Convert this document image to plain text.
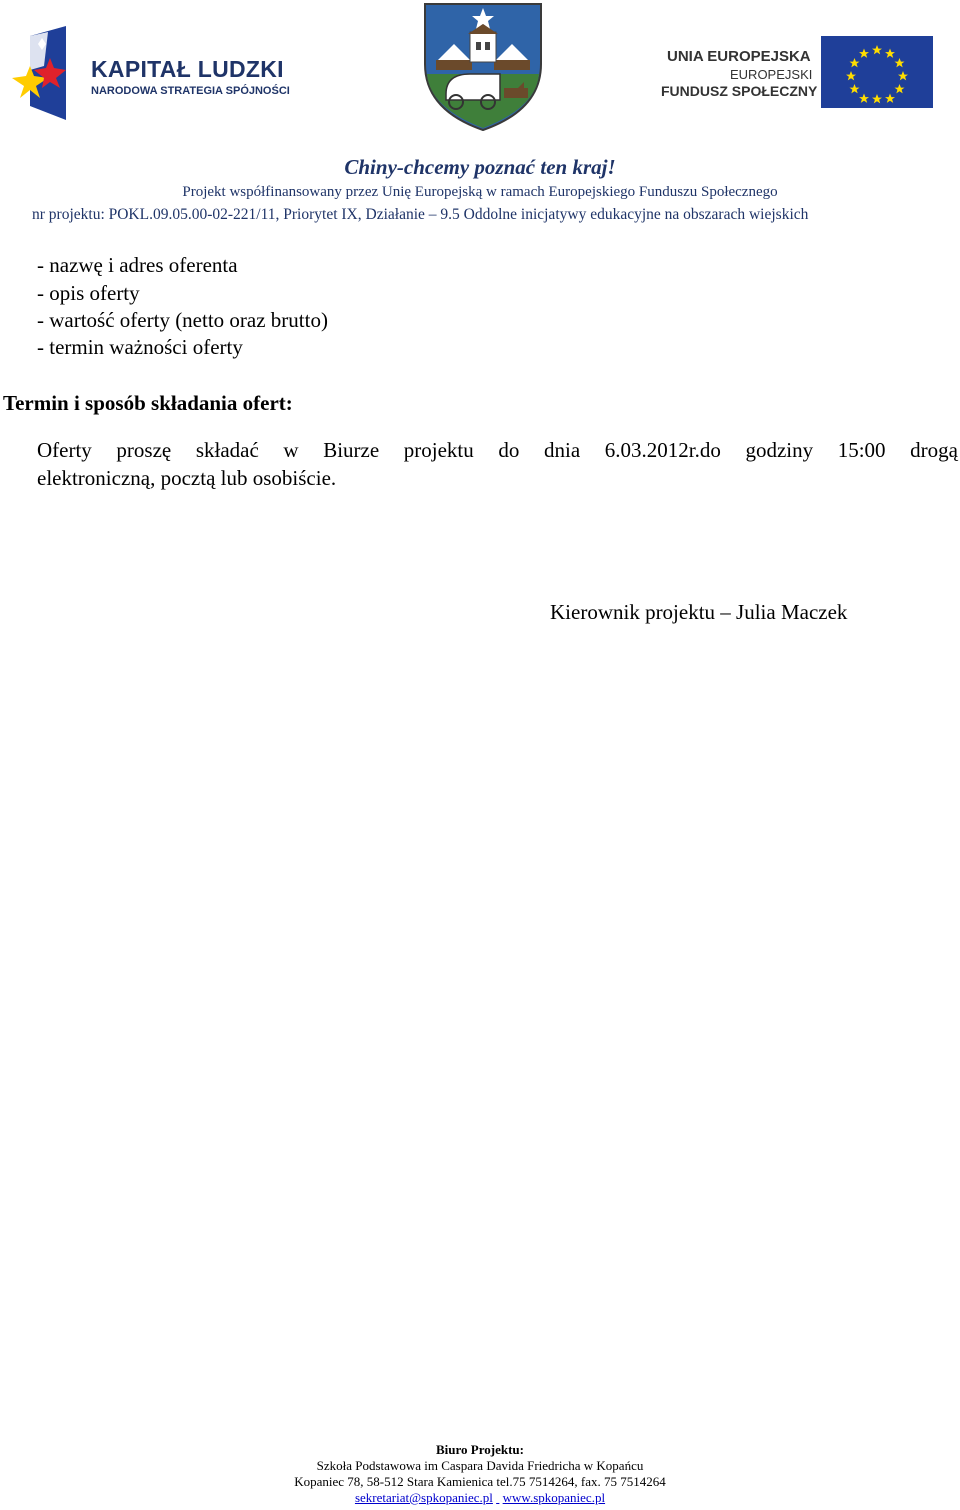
KAPITAŁ LUDZKI
NARODOWA STRATEGIA SPÓJNOŚCI
UNIA EUROPEJSKA
EUROPEJSKI
FUNDUSZ SPOŁECZNY
Chiny-chcemy poznać ten kraj!
Projekt współfinansowany przez Unię Europejską w ramach Europejskiego Funduszu Społecznego
nr projektu: POKL.09.05.00-02-221/11, Priorytet IX, Działanie – 9.5 Oddolne inicjatywy edukacyjne na obszarach wiejskich
- nazwę i adres oferenta
- opis oferty
- wartość oferty (netto oraz brutto)
- termin ważności oferty
Termin i sposób składania ofert:
Oferty proszę składać w Biurze projektu do dnia 6.03.2012r.do godziny 15:00 drogą
elektroniczną, pocztą lub osobiście.
Kierownik projektu – Julia Maczek
Biuro Projektu:
Szkoła Podstawowa im Caspara Davida Friedricha w Kopańcu
Kopaniec 78, 58-512 Stara Kamienica tel.75 7514264, fax. 75 7514264
sekretariat@spkopaniec.pl www.spkopaniec.pl
